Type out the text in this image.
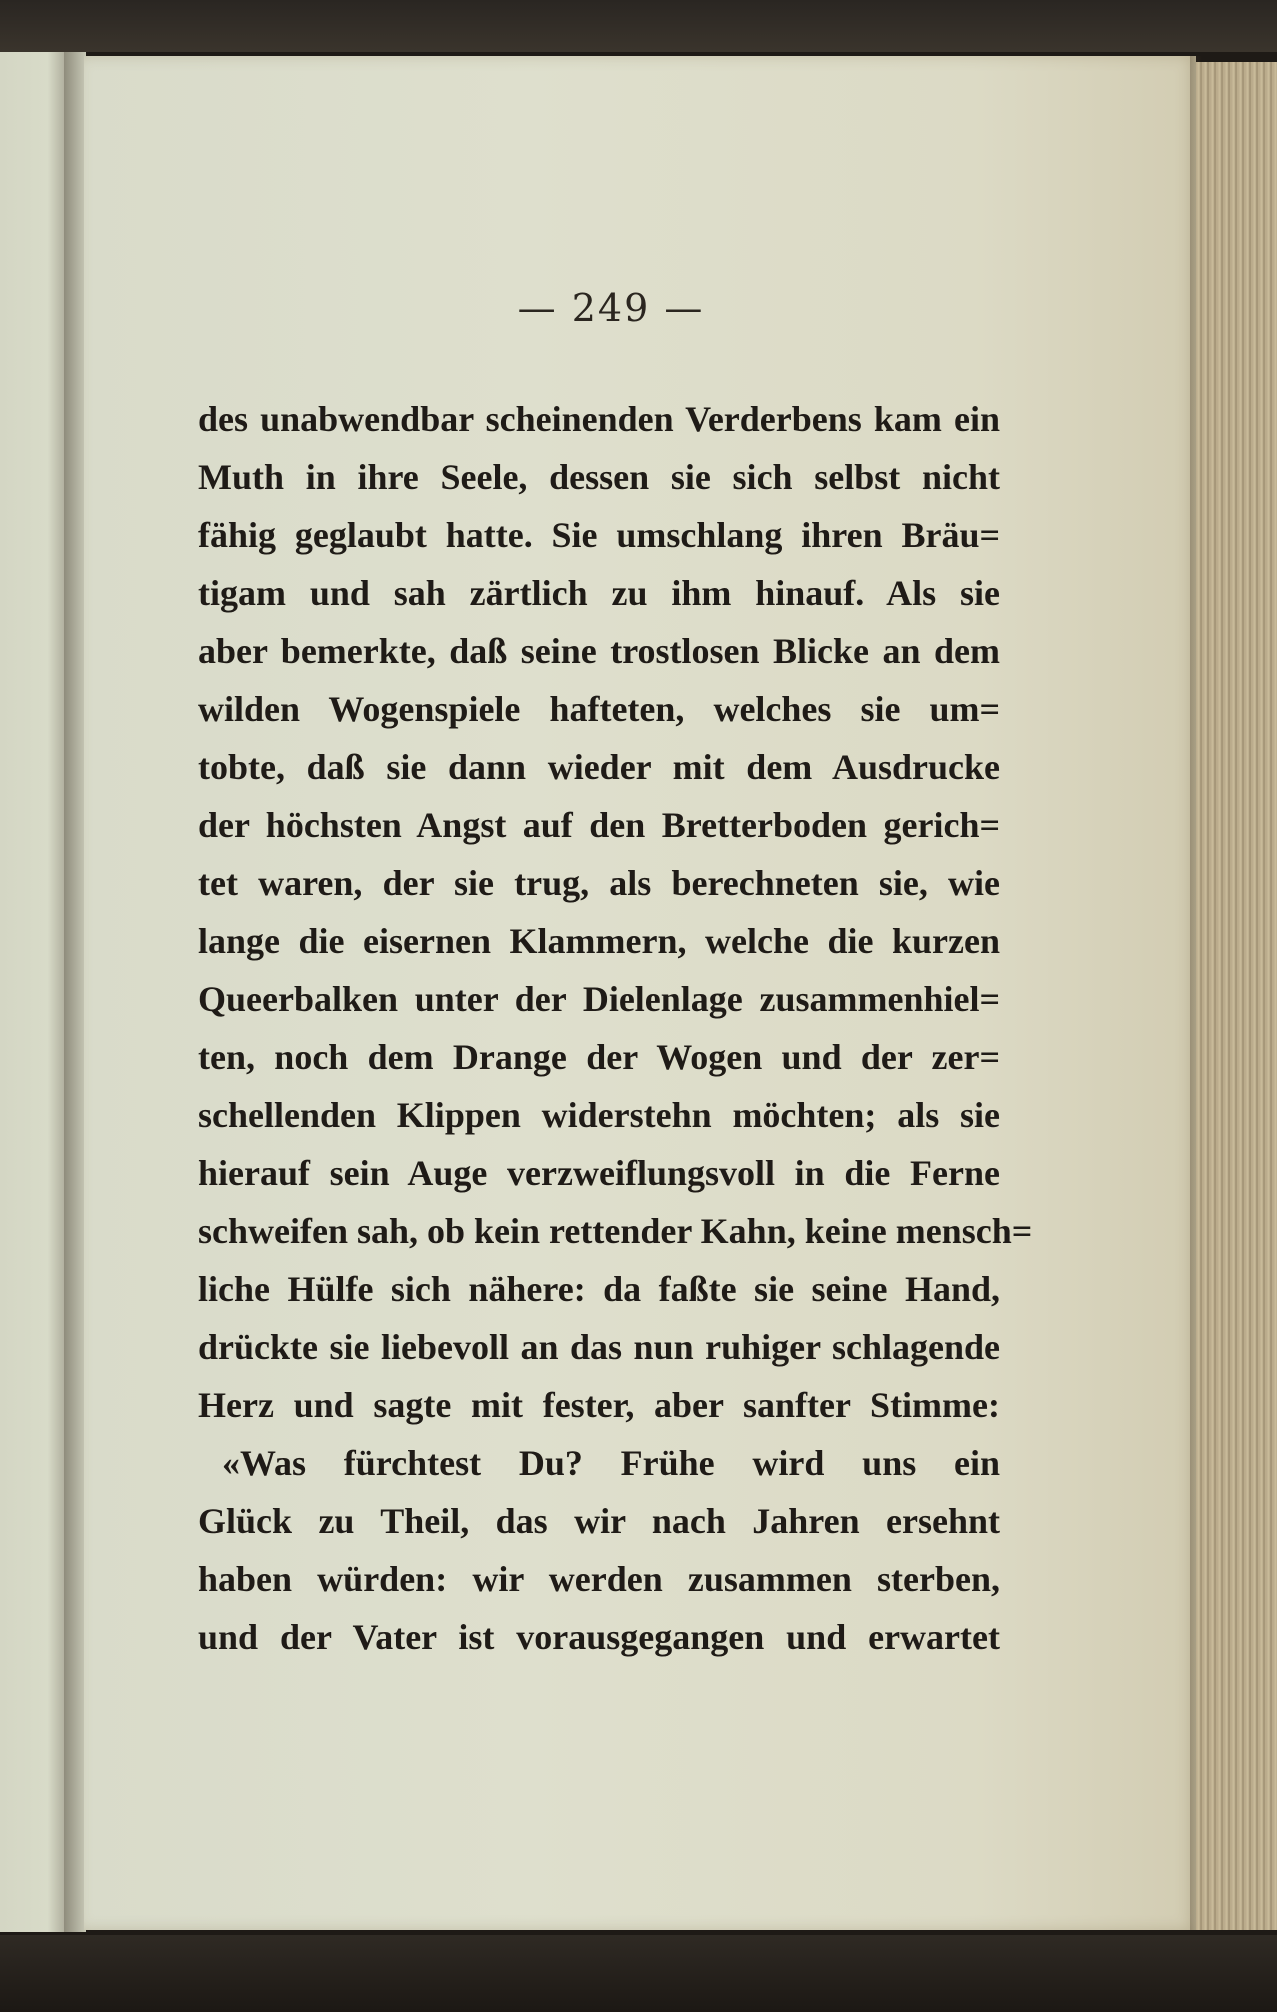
— 249 —
des unabwendbar scheinenden Verderbens kam ein
Muth in ihre Seele, dessen sie sich selbst nicht
fähig geglaubt hatte. Sie umschlang ihren Bräu=
tigam und sah zärtlich zu ihm hinauf. Als sie
aber bemerkte, daß seine trostlosen Blicke an dem
wilden Wogenspiele hafteten, welches sie um=
tobte, daß sie dann wieder mit dem Ausdrucke
der höchsten Angst auf den Bretterboden gerich=
tet waren, der sie trug, als berechneten sie, wie
lange die eisernen Klammern, welche die kurzen
Queerbalken unter der Dielenlage zusammenhiel=
ten, noch dem Drange der Wogen und der zer=
schellenden Klippen widerstehn möchten; als sie
hierauf sein Auge verzweiflungsvoll in die Ferne
schweifen sah, ob kein rettender Kahn, keine mensch=
liche Hülfe sich nähere: da faßte sie seine Hand,
drückte sie liebevoll an das nun ruhiger schlagende
Herz und sagte mit fester, aber sanfter Stimme:
«Was fürchtest Du? Frühe wird uns ein
Glück zu Theil, das wir nach Jahren ersehnt
haben würden: wir werden zusammen sterben,
und der Vater ist vorausgegangen und erwartet
